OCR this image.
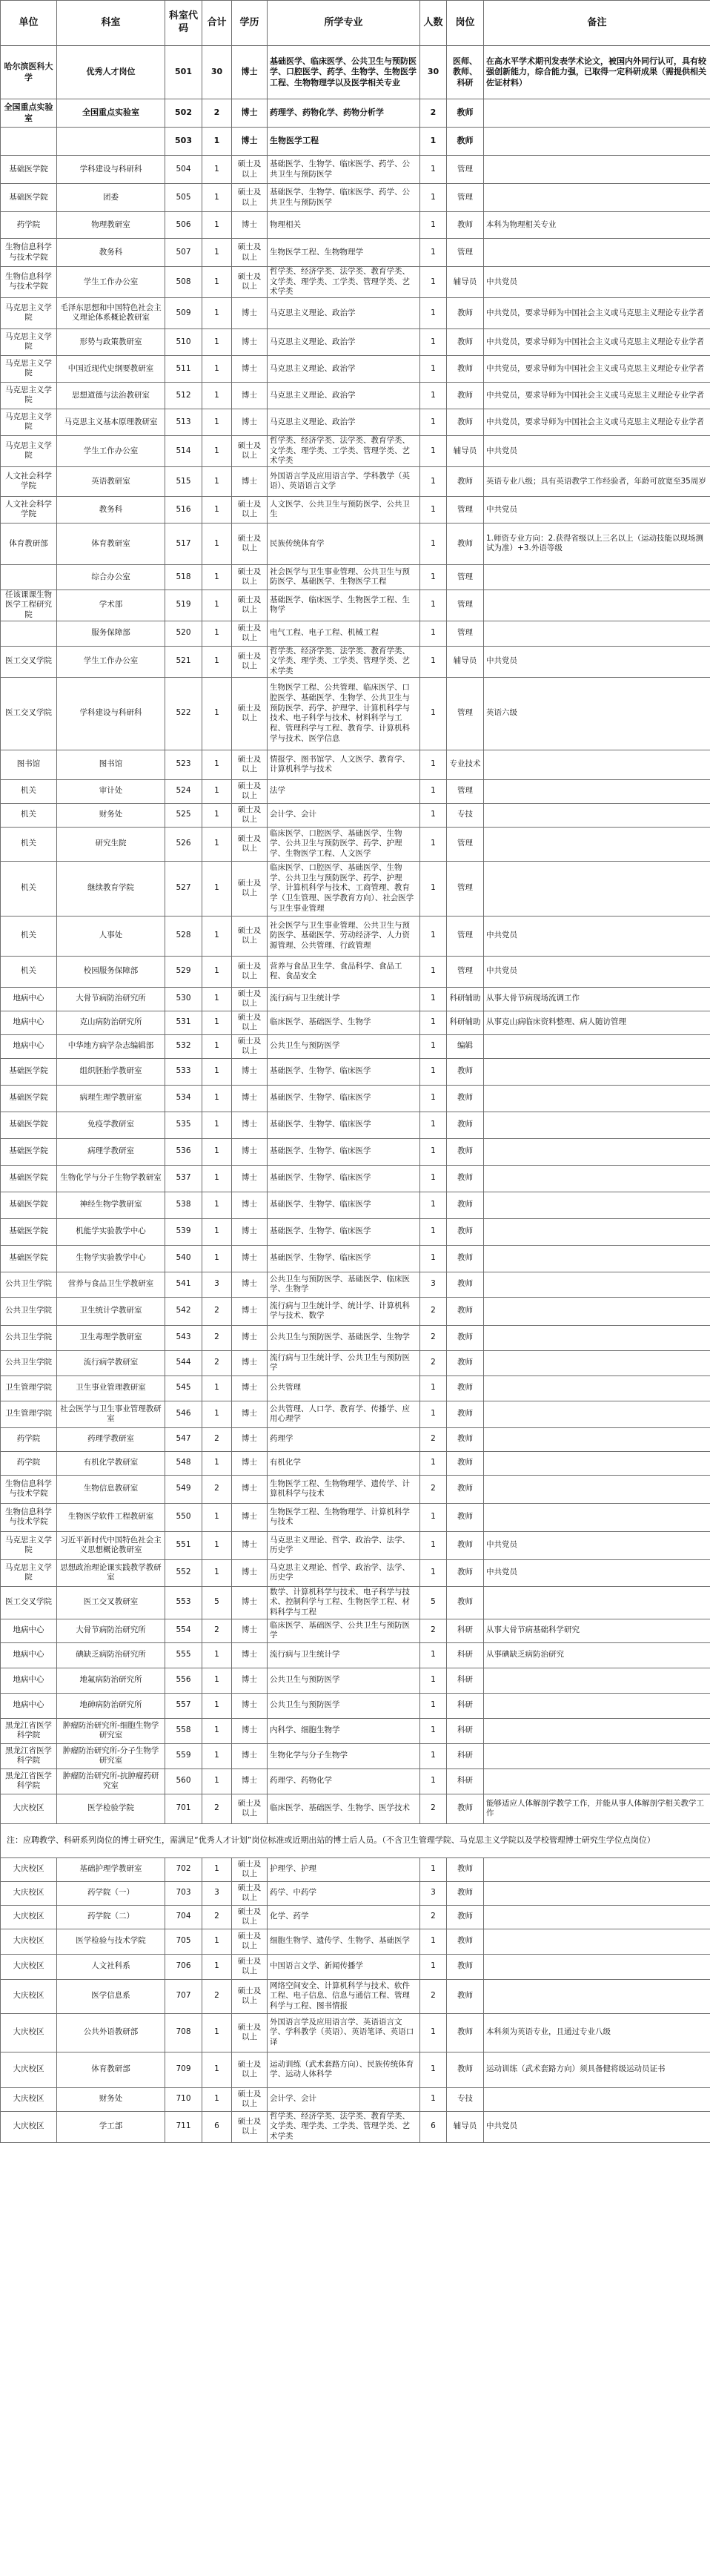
单位	科室	科室代码	合计	学历	所学专业	人数	岗位	备注
哈尔滨医科大学	优秀人才岗位	501	30	博士	基础医学、临床医学、公共卫生与预防医学、口腔医学、药学、生物学、生物医学工程、生物物理学以及医学相关专业	30	医师、教师、科研	在高水平学术期刊发表学术论文，被国内外同行认可，具有较强创新能力，综合能力强，已取得一定科研成果（需提供相关佐证材料）
全国重点实验室	全国重点实验室	502	2	博士	药理学、药物化学、药物分析学	2	教师	
		503	1	博士	生物医学工程	1	教师	
基础医学院	学科建设与科研科	504	1	硕士及以上	基础医学、生物学、临床医学、药学、公共卫生与预防医学	1	管理	
基础医学院	团委	505	1	硕士及以上	基础医学、生物学、临床医学、药学、公共卫生与预防医学	1	管理	
药学院	物理教研室	506	1	博士	物理相关	1	教师	本科为物理相关专业
生物信息科学与技术学院	教务科	507	1	硕士及以上	生物医学工程、生物物理学	1	管理	
生物信息科学与技术学院	学生工作办公室	508	1	硕士及以上	哲学类、经济学类、法学类、教育学类、文学类、理学类、工学类、管理学类、艺术学类	1	辅导员	中共党员
马克思主义学院	毛泽东思想和中国特色社会主义理论体系概论教研室	509	1	博士	马克思主义理论、政治学	1	教师	中共党员，要求导师为中国社会主义或马克思主义理论专业学者
马克思主义学院	形势与政策教研室	510	1	博士	马克思主义理论、政治学	1	教师	中共党员，要求导师为中国社会主义或马克思主义理论专业学者
马克思主义学院	中国近现代史纲要教研室	511	1	博士	马克思主义理论、政治学	1	教师	中共党员，要求导师为中国社会主义或马克思主义理论专业学者
马克思主义学院	思想道德与法治教研室	512	1	博士	马克思主义理论、政治学	1	教师	中共党员，要求导师为中国社会主义或马克思主义理论专业学者
马克思主义学院	马克思主义基本原理教研室	513	1	博士	马克思主义理论、政治学	1	教师	中共党员，要求导师为中国社会主义或马克思主义理论专业学者
马克思主义学院	学生工作办公室	514	1	硕士及以上	哲学类、经济学类、法学类、教育学类、文学类、理学类、工学类、管理学类、艺术学类	1	辅导员	中共党员
人文社会科学学院	英语教研室	515	1	博士	外国语言学及应用语言学、学科教学（英语）、英语语言文学	1	教师	英语专业八级；具有英语教学工作经验者，年龄可放宽至35周岁
人文社会科学学院	教务科	516	1	硕士及以上	人文医学、公共卫生与预防医学、公共卫生	1	管理	中共党员
体育教研部	体育教研室	517	1	硕士及以上	民族传统体育学	1	教师	1.师资专业方向：2.获得省级以上三名以上（运动技能以现场测试为准）+3.外语等级
	综合办公室	518	1	硕士及以上	社会医学与卫生事业管理、公共卫生与预防医学、基础医学、生物医学工程	1	管理	
任该课课生物医学工程研究院	学术部	519	1	硕士及以上	基础医学、临床医学、生物医学工程、生物学	1	管理	
	服务保障部	520	1	硕士及以上	电气工程、电子工程、机械工程	1	管理	
医工交叉学院	学生工作办公室	521	1	硕士及以上	哲学类、经济学类、法学类、教育学类、文学类、理学类、工学类、管理学类、艺术学类	1	辅导员	中共党员
医工交叉学院	学科建设与科研科	522	1	硕士及以上	生物医学工程、公共管理、临床医学、口腔医学、基础医学、生物学、公共卫生与预防医学、药学、护理学、计算机科学与技术、电子科学与技术、材料科学与工程、管理科学与工程、教育学、计算机科学与技术、医学信息	1	管理	英语六级
图书馆	图书馆	523	1	硕士及以上	情报学、图书馆学、人文医学、教育学、计算机科学与技术	1	专业技术	
机关	审计处	524	1	硕士及以上	法学	1	管理	
机关	财务处	525	1	硕士及以上	会计学、会计	1	专技	
机关	研究生院	526	1	硕士及以上	临床医学、口腔医学、基础医学、生物学、公共卫生与预防医学、药学、护理学、生物医学工程、人文医学	1	管理	
机关	继续教育学院	527	1	硕士及以上	临床医学、口腔医学、基础医学、生物学、公共卫生与预防医学、药学、护理学、计算机科学与技术、工商管理、教育学（卫生管理、医学教育方向）、社会医学与卫生事业管理	1	管理	
机关	人事处	528	1	硕士及以上	社会医学与卫生事业管理、公共卫生与预防医学、基础医学、劳动经济学、人力资源管理、公共管理、行政管理	1	管理	中共党员
机关	校园服务保障部	529	1	硕士及以上	营养与食品卫生学、食品科学、食品工程、食品安全	1	管理	中共党员
地病中心	大骨节病防治研究所	530	1	硕士及以上	流行病与卫生统计学	1	科研辅助	从事大骨节病现场流调工作
地病中心	克山病防治研究所	531	1	硕士及以上	临床医学、基础医学、生物学	1	科研辅助	从事克山病临床资料整理、病人随访管理
地病中心	中华地方病学杂志编辑部	532	1	硕士及以上	公共卫生与预防医学	1	编辑	
基础医学院	组织胚胎学教研室	533	1	博士	基础医学、生物学、临床医学	1	教师	
基础医学院	病理生理学教研室	534	1	博士	基础医学、生物学、临床医学	1	教师	
基础医学院	免疫学教研室	535	1	博士	基础医学、生物学、临床医学	1	教师	
基础医学院	病理学教研室	536	1	博士	基础医学、生物学、临床医学	1	教师	
基础医学院	生物化学与分子生物学教研室	537	1	博士	基础医学、生物学、临床医学	1	教师	
基础医学院	神经生物学教研室	538	1	博士	基础医学、生物学、临床医学	1	教师	
基础医学院	机能学实验教学中心	539	1	博士	基础医学、生物学、临床医学	1	教师	
基础医学院	生物学实验教学中心	540	1	博士	基础医学、生物学、临床医学	1	教师	
公共卫生学院	营养与食品卫生学教研室	541	3	博士	公共卫生与预防医学、基础医学、临床医学、生物学	3	教师	
公共卫生学院	卫生统计学教研室	542	2	博士	流行病与卫生统计学、统计学、计算机科学与技术、数学	2	教师	
公共卫生学院	卫生毒理学教研室	543	2	博士	公共卫生与预防医学、基础医学、生物学	2	教师	
公共卫生学院	流行病学教研室	544	2	博士	流行病与卫生统计学、公共卫生与预防医学	2	教师	
卫生管理学院	卫生事业管理教研室	545	1	博士	公共管理	1	教师	
卫生管理学院	社会医学与卫生事业管理教研室	546	1	博士	公共管理、人口学、教育学、传播学、应用心理学	1	教师	
药学院	药理学教研室	547	2	博士	药理学	2	教师	
药学院	有机化学教研室	548	1	博士	有机化学	1	教师	
生物信息科学与技术学院	生物信息教研室	549	2	博士	生物医学工程、生物物理学、遗传学、计算机科学与技术	2	教师	
生物信息科学与技术学院	生物医学软件工程教研室	550	1	博士	生物医学工程、生物物理学、计算机科学与技术	1	教师	
马克思主义学院	习近平新时代中国特色社会主义思想概论教研室	551	1	博士	马克思主义理论、哲学、政治学、法学、历史学	1	教师	中共党员
马克思主义学院	思想政治理论课实践教学教研室	552	1	博士	马克思主义理论、哲学、政治学、法学、历史学	1	教师	中共党员
医工交叉学院	医工交叉教研室	553	5	博士	数学、计算机科学与技术、电子科学与技术、控制科学与工程、生物医学工程、材料科学与工程	5	教师	
地病中心	大骨节病防治研究所	554	2	博士	临床医学、基础医学、公共卫生与预防医学	2	科研	从事大骨节病基础科学研究
地病中心	碘缺乏病防治研究所	555	1	博士	流行病与卫生统计学	1	科研	从事碘缺乏病防治研究
地病中心	地氟病防治研究所	556	1	博士	公共卫生与预防医学	1	科研	
地病中心	地砷病防治研究所	557	1	博士	公共卫生与预防医学	1	科研	
黑龙江省医学科学院	肿瘤防治研究所-细胞生物学研究室	558	1	博士	内科学、细胞生物学	1	科研	
黑龙江省医学科学院	肿瘤防治研究所-分子生物学研究室	559	1	博士	生物化学与分子生物学	1	科研	
黑龙江省医学科学院	肿瘤防治研究所-抗肿瘤药研究室	560	1	博士	药理学、药物化学	1	科研	
大庆校区	医学检验学院	701	2	硕士及以上	临床医学、基础医学、生物学、医学技术	2	教师	能够适应人体解剖学教学工作，并能从事人体解剖学相关教学工作
注：应聘教学、科研系列岗位的博士研究生，需满足“优秀人才计划”岗位标准或近期出站的博士后人员。（不含卫生管理学院、马克思主义学院以及学校管理博士研究生学位点岗位）								
大庆校区	基础护理学教研室	702	1	硕士及以上	护理学、护理	1	教师	
大庆校区	药学院（一）	703	3	硕士及以上	药学、中药学	3	教师	
大庆校区	药学院（二）	704	2	硕士及以上	化学、药学	2	教师	
大庆校区	医学检验与技术学院	705	1	硕士及以上	细胞生物学、遗传学、生物学、基础医学	1	教师	
大庆校区	人文社科系	706	1	硕士及以上	中国语言文学、新闻传播学	1	教师	
大庆校区	医学信息系	707	2	硕士及以上	网络空间安全、计算机科学与技术、软件工程、电子信息、信息与通信工程、管理科学与工程、图书情报	2	教师	
大庆校区	公共外语教研部	708	1	硕士及以上	外国语言学及应用语言学、英语语言文学、学科教学（英语）、英语笔译、英语口译	1	教师	本科须为英语专业，且通过专业八级
大庆校区	体育教研部	709	1	硕士及以上	运动训练（武术套路方向）、民族传统体育学、运动人体科学	1	教师	运动训练（武术套路方向）须具备健将级运动员证书
大庆校区	财务处	710	1	硕士及以上	会计学、会计	1	专技	
大庆校区	学工部	711	6	硕士及以上	哲学类、经济学类、法学类、教育学类、文学类、理学类、工学类、管理学类、艺术学类	6	辅导员	中共党员
